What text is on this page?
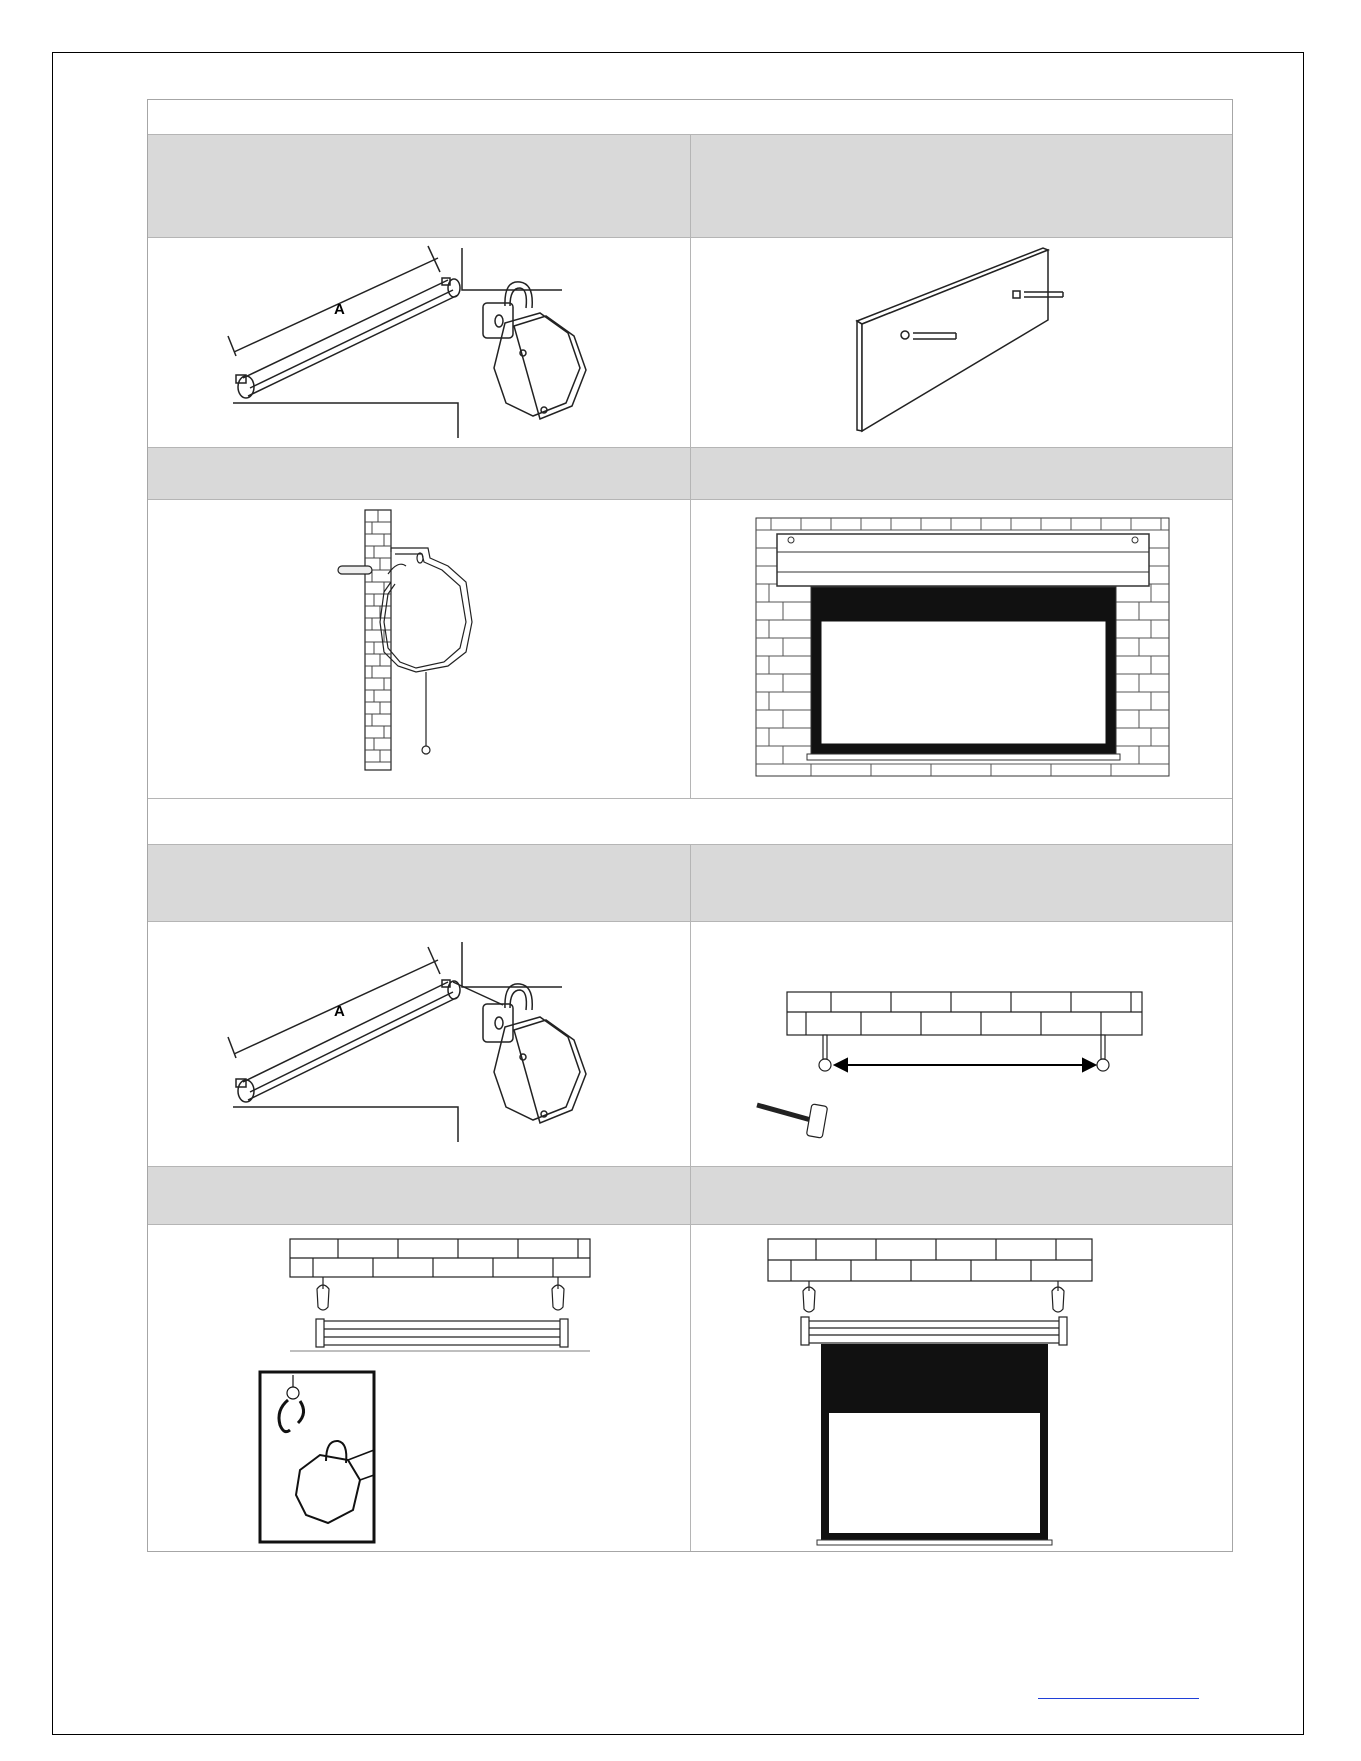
A
A
